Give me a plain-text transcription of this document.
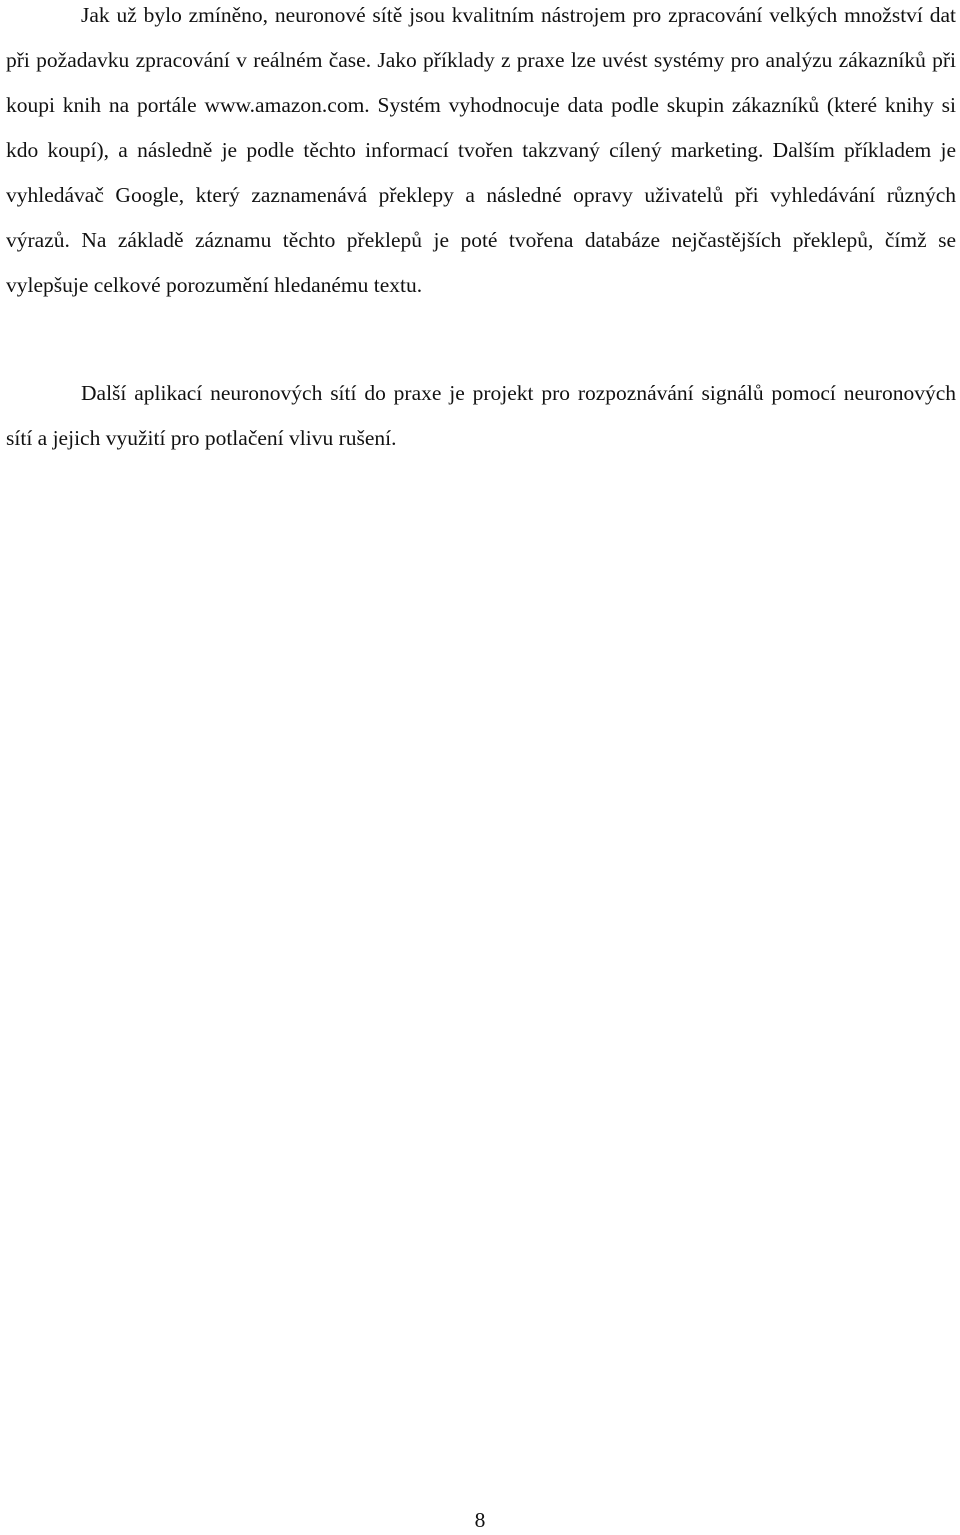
Jak už bylo zmíněno, neuronové sítě jsou kvalitním nástrojem pro zpracování velkých množství dat při požadavku zpracování v reálném čase. Jako příklady z praxe lze uvést systémy pro analýzu zákazníků při koupi knih na portále www.amazon.com. Systém vyhodnocuje data podle skupin zákazníků (které knihy si kdo koupí), a následně je podle těchto informací tvořen takzvaný cílený marketing. Dalším příkladem je vyhledávač Google, který zaznamenává překlepy a následné opravy uživatelů při vyhledávání různých výrazů. Na základě záznamu těchto překlepů je poté tvořena databáze nejčastějších překlepů, čímž se vylepšuje celkové porozumění hledanému textu.

Další aplikací neuronových sítí do praxe je projekt pro rozpoznávání signálů pomocí neuronových sítí a jejich využití pro potlačení vlivu rušení.

8
